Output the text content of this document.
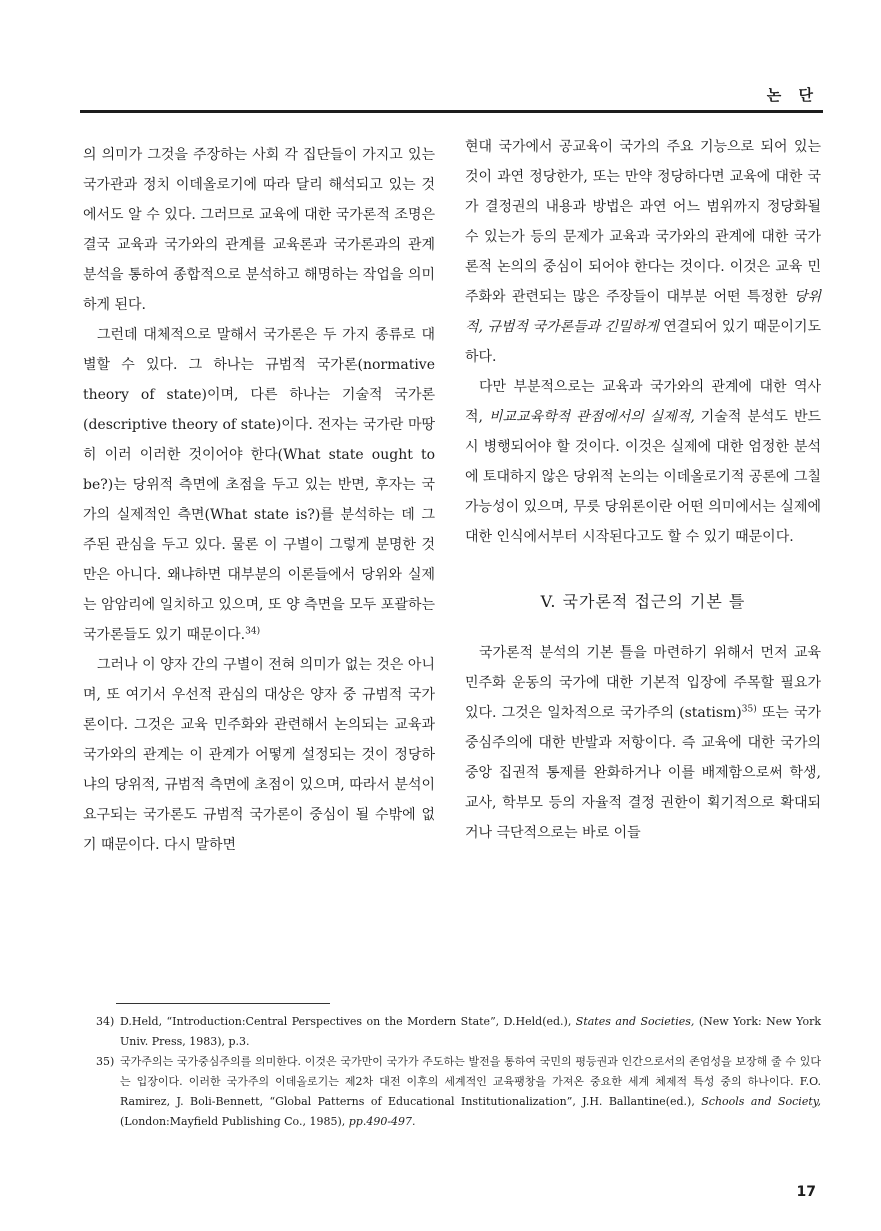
논 단

의 의미가 그것을 주장하는 사회 각 집단들이 가지고 있는 국가관과 정치 이데올로기에 따라 달리 해석되고 있는 것에서도 알 수 있다. 그러므로 교육에 대한 국가론적 조명은 결국 교육과 국가와의 관계를 교육론과 국가론과의 관계 분석을 통하여 종합적으로 분석하고 해명하는 작업을 의미하게 된다.

그런데 대체적으로 말해서 국가론은 두 가지 종류로 대별할 수 있다. 그 하나는 규범적 국가론(normative theory of state)이며, 다른 하나는 기술적 국가론(descriptive theory of state)이다. 전자는 국가란 마땅히 이러 이러한 것이어야 한다(What state ought to be?)는 당위적 측면에 초점을 두고 있는 반면, 후자는 국가의 실제적인 측면(What state is?)를 분석하는 데 그 주된 관심을 두고 있다. 물론 이 구별이 그렇게 분명한 것만은 아니다. 왜냐하면 대부분의 이론들에서 당위와 실제는 암암리에 일치하고 있으며, 또 양 측면을 모두 포괄하는 국가론들도 있기 때문이다.$^{34)}$

그러나 이 양자 간의 구별이 전혀 의미가 없는 것은 아니며, 또 여기서 우선적 관심의 대상은 양자 중 규범적 국가론이다. 그것은 교육 민주화와 관련해서 논의되는 교육과 국가와의 관계는 이 관계가 어떻게 설정되는 것이 정당하냐의 당위적, 규범적 측면에 초점이 있으며, 따라서 분석이 요구되는 국가론도 규범적 국가론이 중심이 될 수밖에 없기 때문이다. 다시 말하면

현대 국가에서 공교육이 국가의 주요 기능으로 되어 있는 것이 과연 정당한가, 또는 만약 정당하다면 교육에 대한 국가 결정권의 내용과 방법은 과연 어느 범위까지 정당화될 수 있는가 등의 문제가 교육과 국가와의 관계에 대한 국가론적 논의의 중심이 되어야 한다는 것이다. 이것은 교육 민주화와 관련되는 많은 주장들이 대부분 어떤 특정한 당위적, 규범적 국가론들과 긴밀하게 연결되어 있기 때문이기도 하다.

다만 부분적으로는 교육과 국가와의 관계에 대한 역사적, 비교교육학적 관점에서의 실제적, 기술적 분석도 반드시 병행되어야 할 것이다. 이것은 실제에 대한 엄정한 분석에 토대하지 않은 당위적 논의는 이데올로기적 공론에 그칠 가능성이 있으며, 무릇 당위론이란 어떤 의미에서는 실제에 대한 인식에서부터 시작된다고도 할 수 있기 때문이다.

V. 국가론적 접근의 기본 틀

국가론적 분석의 기본 틀을 마련하기 위해서 먼저 교육 민주화 운동의 국가에 대한 기본적 입장에 주목할 필요가 있다. 그것은 일차적으로 국가주의 (statism)$^{35)}$ 또는 국가 중심주의에 대한 반발과 저항이다. 즉 교육에 대한 국가의 중앙 집권적 통제를 완화하거나 이를 배제함으로써 학생, 교사, 학부모 등의 자율적 결정 권한이 획기적으로 확대되거나 극단적으로는 바로 이들

34) D.Held, “Introduction:Central Perspectives on the Mordern State”, D.Held(ed.), States and Societies, (New York: New York Univ. Press, 1983), p.3.

35) 국가주의는 국가중심주의를 의미한다. 이것은 국가만이 국가가 주도하는 발전을 통하여 국민의 평등권과 인간으로서의 존엄성을 보장해 줄 수 있다는 입장이다. 이러한 국가주의 이데올로기는 제2차 대전 이후의 세계적인 교육팽창을 가져온 중요한 세계 체제적 특성 중의 하나이다. F.O. Ramirez, J. Boli-Bennett, “Global Patterns of Educational Institutionalization”, J.H. Ballantine(ed.), Schools and Society, (London:Mayfield Publishing Co., 1985), pp.490-497.

17
